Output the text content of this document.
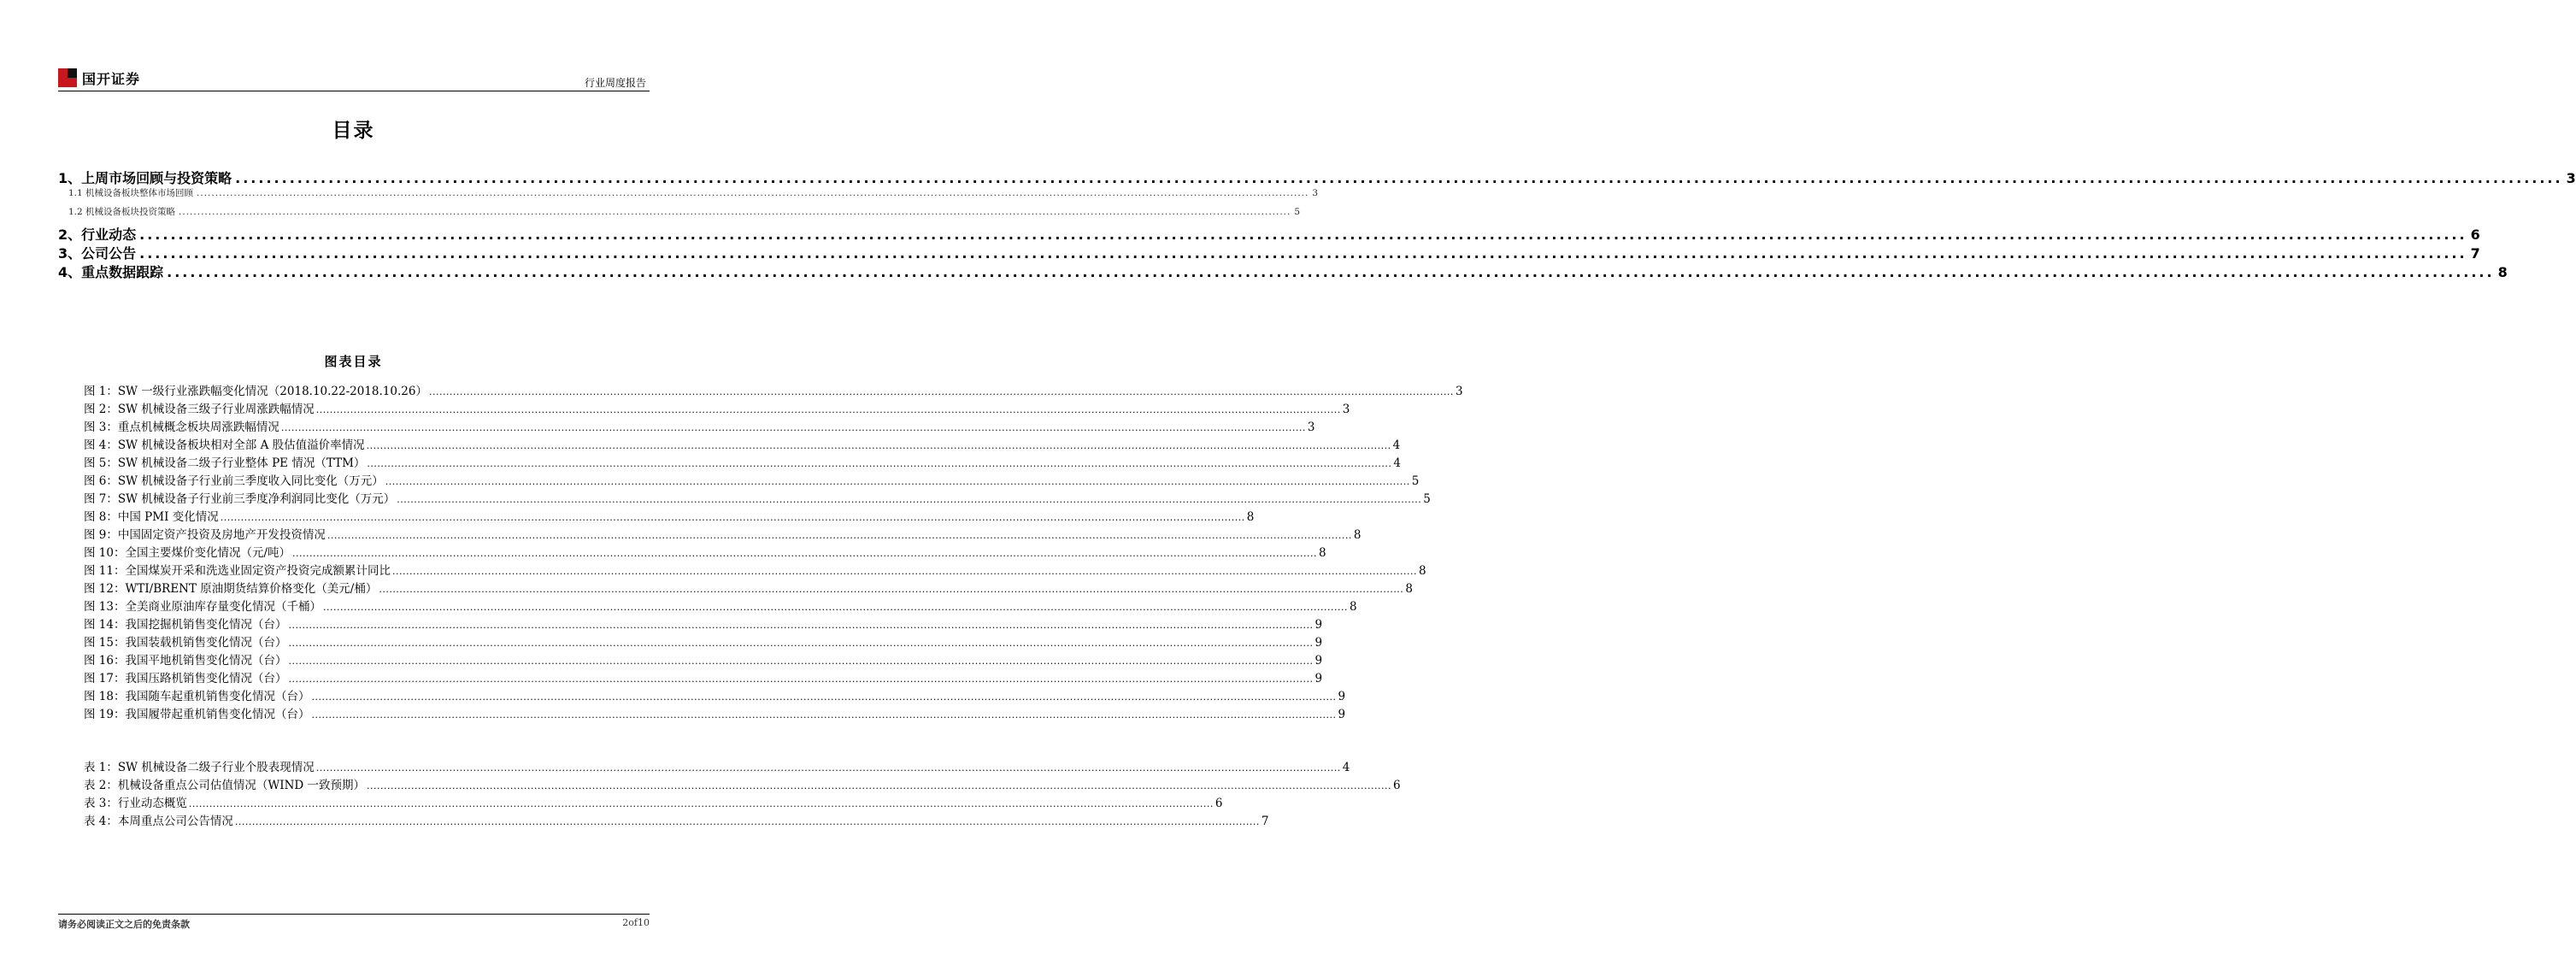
国开证券	行业周度报告
目录
1、上周市场回顾与投资策略 ............................................................................................................................................................................................................................................................................................................ 3
1.1 机械设备板块整体市场回顾 ............................................................................................................................................................................................................................................................................................................ 3
1.2 机械设备板块投资策略 ............................................................................................................................................................................................................................................................................................................ 5
2、行业动态 ............................................................................................................................................................................................................................................................................................................ 6
3、公司公告 ............................................................................................................................................................................................................................................................................................................ 7
4、重点数据跟踪 ............................................................................................................................................................................................................................................................................................................ 8
图表目录
图 1：SW 一级行业涨跌幅变化情况（2018.10.22-2018.10.26） ............................................................................................................................................................................................................................................................................................................ 3
图 2：SW 机械设备三级子行业周涨跌幅情况 ............................................................................................................................................................................................................................................................................................................ 3
图 3：重点机械概念板块周涨跌幅情况 ............................................................................................................................................................................................................................................................................................................ 3
图 4：SW 机械设备板块相对全部 A 股估值溢价率情况 ............................................................................................................................................................................................................................................................................................................ 4
图 5：SW 机械设备二级子行业整体 PE 情况（TTM） ............................................................................................................................................................................................................................................................................................................ 4
图 6：SW 机械设备子行业前三季度收入同比变化（万元） ............................................................................................................................................................................................................................................................................................................ 5
图 7：SW 机械设备子行业前三季度净利润同比变化（万元） ............................................................................................................................................................................................................................................................................................................ 5
图 8：中国 PMI 变化情况 ............................................................................................................................................................................................................................................................................................................ 8
图 9：中国固定资产投资及房地产开发投资情况 ............................................................................................................................................................................................................................................................................................................ 8
图 10：全国主要煤价变化情况（元/吨） ............................................................................................................................................................................................................................................................................................................ 8
图 11：全国煤炭开采和洗选业固定资产投资完成额累计同比 ............................................................................................................................................................................................................................................................................................................ 8
图 12：WTI/BRENT 原油期货结算价格变化（美元/桶） ............................................................................................................................................................................................................................................................................................................ 8
图 13：全美商业原油库存量变化情况（千桶） ............................................................................................................................................................................................................................................................................................................ 8
图 14：我国挖掘机销售变化情况（台） ............................................................................................................................................................................................................................................................................................................ 9
图 15：我国装载机销售变化情况（台） ............................................................................................................................................................................................................................................................................................................ 9
图 16：我国平地机销售变化情况（台） ............................................................................................................................................................................................................................................................................................................ 9
图 17：我国压路机销售变化情况（台） ............................................................................................................................................................................................................................................................................................................ 9
图 18：我国随车起重机销售变化情况（台） ............................................................................................................................................................................................................................................................................................................ 9
图 19：我国履带起重机销售变化情况（台） ............................................................................................................................................................................................................................................................................................................ 9
表 1：SW 机械设备二级子行业个股表现情况 ............................................................................................................................................................................................................................................................................................................ 4
表 2：机械设备重点公司估值情况（WIND 一致预期） ............................................................................................................................................................................................................................................................................................................ 6
表 3：行业动态概览 ............................................................................................................................................................................................................................................................................................................ 6
表 4：本周重点公司公告情况 ............................................................................................................................................................................................................................................................................................................ 7
请务必阅读正文之后的免责条款	2of10
